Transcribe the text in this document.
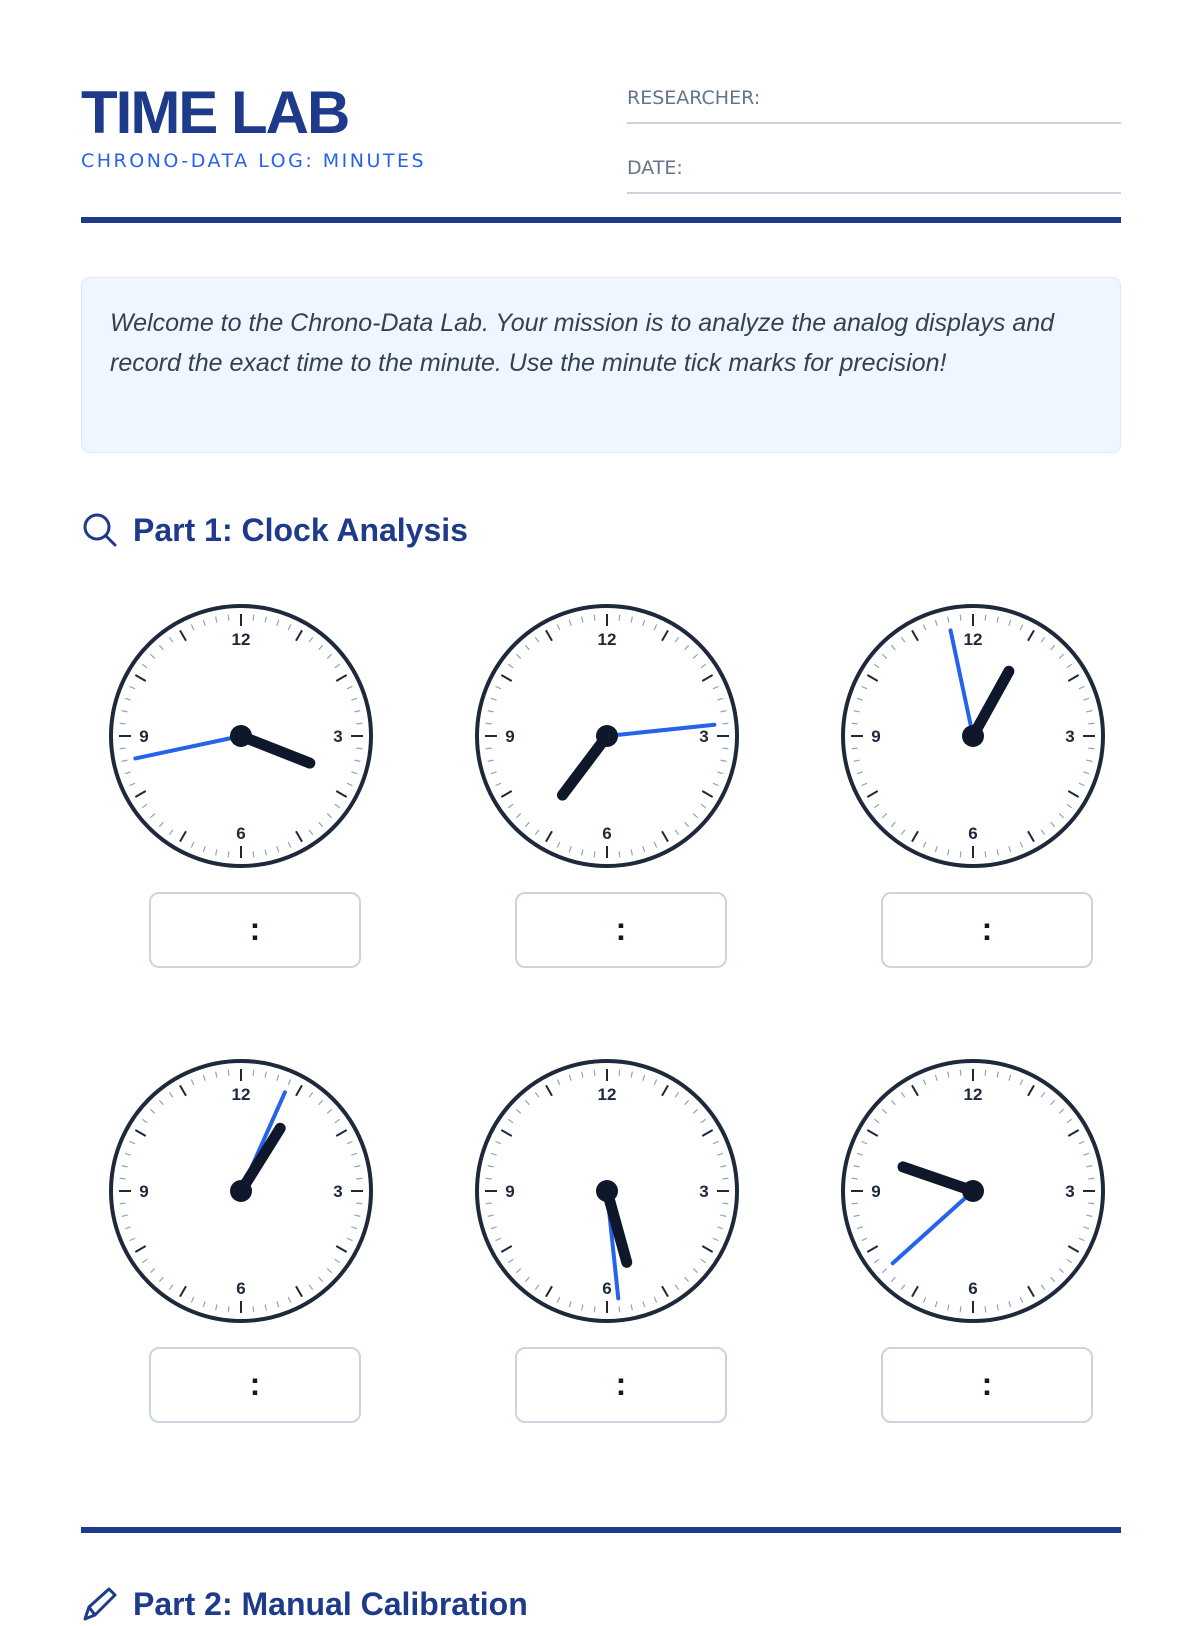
TIME LAB
CHRONO-DATA LOG: MINUTES
RESEARCHER:
DATE:
Welcome to the Chrono-Data Lab. Your mission is to analyze the analog displays and record the exact time to the minute. Use the minute tick marks for precision!
Part 1: Clock Analysis
12
3
6
9
:
12
3
6
9
:
12
3
6
9
:
12
3
6
9
:
12
3
6
9
:
12
3
6
9
:
Part 2: Manual Calibration
